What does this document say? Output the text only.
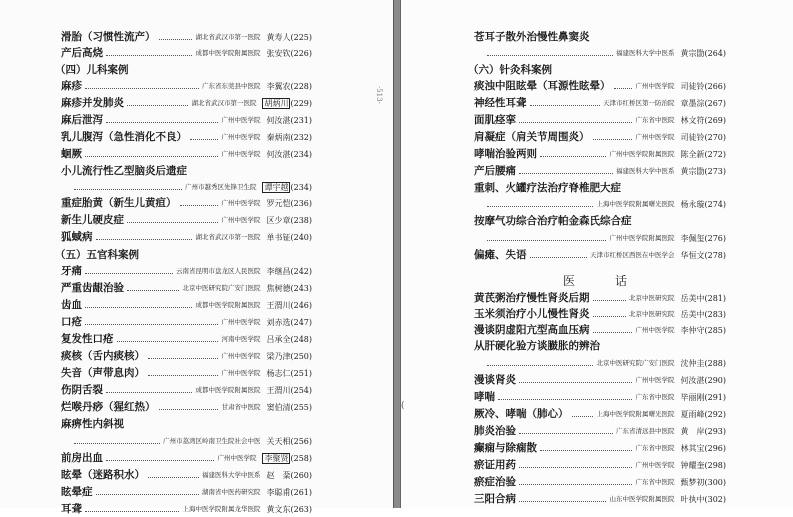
·513·
滑胎（习惯性流产）	湖北省武汉市第一医院 黄寿人 (225)
产后高烧	成都中医学院附属医院 张安钦 (226)
（四）儿科案例
麻疹	广东省东莞县中医院 李翼农 (228)
麻疹并发肺炎	湖北省武汉市第一医院 胡炳川 (229)
麻后泄泻	广州中医学院 何汝湛 (231)
乳儿腹泻（急性消化不良）	广州中医学院 秦炳南 (232)
蛔厥	广州中医学院 何汝湛 (234)
小儿流行性乙型脑炎后遗症
广州市越秀区先锋卫生院 谭宇越 (234)
重症胎黄（新生儿黄疸）	广州中医学院 罗元恺 (236)
新生儿硬皮症	广州中医学院 区少章 (238)
狐蜮病	湖北省武汉市第一医院 单书钲 (240)
（五）五官科案例
牙痛	云南省昆明市盘龙区人民医院 李继昌 (242)
严重齿龈治验	北京中医研究院广安门医院 焦树德 (243)
齿血	成都中医学院附属医院 王渭川 (246)
口疮	广州中医学院 刘赤选 (247)
复发性口疮	河南中医学院 吕承全 (248)
痰核（舌内痰核）	广州中医学院 梁乃津 (250)
失音（声带息肉）	广州中医学院 杨志仁 (251)
伤阴舌裂	成都中医学院附属医院 王渭川 (254)
烂喉丹痧（猩红热）	甘肃省中医院 窦伯清 (255)
麻痹性内斜视
广州市荔湾区岭南卫生院社会中医 关天相 (256)
前房出血	广州中医学院 李聚贤 (258)
眩晕（迷路积水）	福建医科大学中医系 赵　棻 (260)
眩晕症	湖南省中医药研究院 李聪甫 (261)
耳聋	上海中医学院附属龙华医院 黄文东 (263)
(
苍耳子散外治慢性鼻窦炎
福建医科大学中医系 黄宗勖 (264)
（六）针灸科案例
痰浊中阻眩晕（耳源性眩晕）	广州中医学院 司徒铃 (266)
神经性耳聋	天津市红桥区第一防治院 章墨淙 (267)
面肌痉挛	广东省中医院 林文符 (269)
肩凝症（肩关节周围炎）	广州中医学院 司徒铃 (270)
哮喘治验两则	广州中医学院附属医院 陈全新 (272)
产后腰痛	福建医科大学中医系 黄宗勖 (273)
重刺、火罐疗法治疗脊椎肥大症
上海中医学院附属曙光医院 杨永璇 (274)
按摩气功综合治疗帕金森氏综合症
广州中医学院附属医院 李佩玺 (276)
偏瘫、失语	天津市红桥区西医在中医学会 华恒文 (278)
医　话
黄芪粥治疗慢性肾炎后期	北京中医研究院 岳美中 (281)
玉米须治疗小儿慢性肾炎	北京中医研究院 岳美中 (283)
漫谈阴虚阳亢型高血压病	广州中医学院 李仲守 (285)
从肝硬化验方谈臌胀的辨治
北京中医研究院广安门医院 沈仲圭 (288)
漫谈肾炎	广州中医学院 何汝湛 (290)
哮喘	广东省中医院 毕丽刚 (291)
厥冷、哮喘（肺心）	上海中医学院附属曙光医院 夏雨峰 (292)
肺炎治验	广东省清远县中医院 黄　岸 (293)
癫痫与除痫散	广东省中医院 林其宝 (296)
瘀证用药	广州中医学院 钟耀奎 (298)
瘀症治验	广东省中医院 甄梦初 (300)
三阳合病	山东中医学院附属医院 叶执中 (302)
